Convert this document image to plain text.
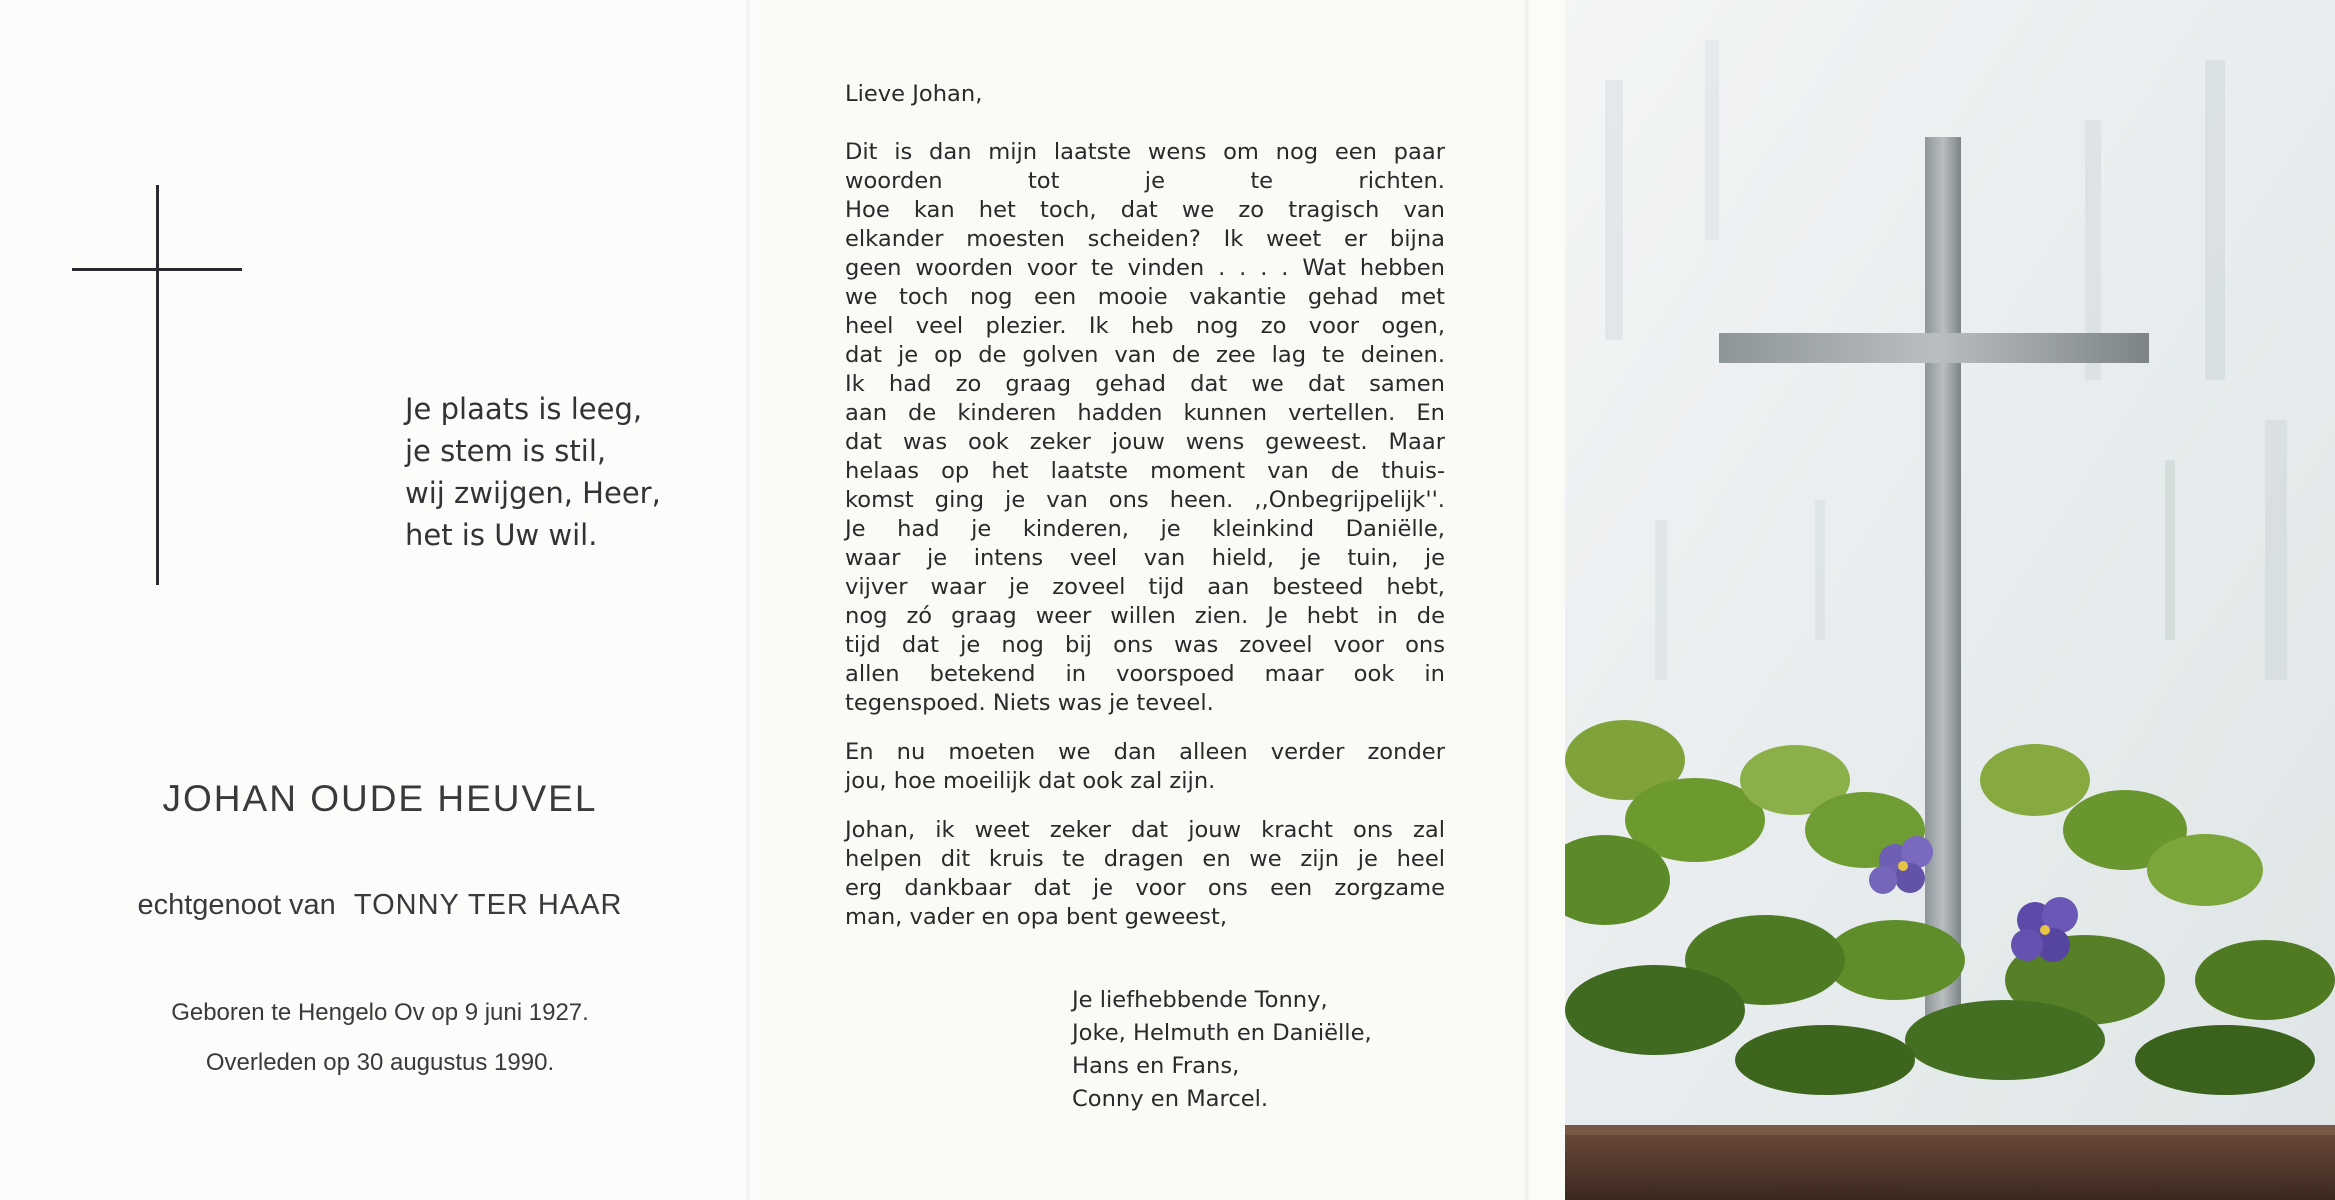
Je plaats is leeg,
je stem is stil,
wij zwijgen, Heer,
het is Uw wil.
JOHAN OUDE HEUVEL
echtgenoot van TONNY TER HAAR
Geboren te Hengelo Ov op 9 juni 1927.
Overleden op 30 augustus 1990.
Lieve Johan,
Dit is dan mijn laatste wens om nog een paar
woorden tot je te richten.
Hoe kan het toch, dat we zo tragisch van
elkander moesten scheiden? Ik weet er bijna
geen woorden voor te vinden . . . . Wat hebben
we toch nog een mooie vakantie gehad met
heel veel plezier. Ik heb nog zo voor ogen,
dat je op de golven van de zee lag te deinen.
Ik had zo graag gehad dat we dat samen
aan de kinderen hadden kunnen vertellen. En
dat was ook zeker jouw wens geweest. Maar
helaas op het laatste moment van de thuis-
komst ging je van ons heen. ,,Onbegrijpelijk''.
Je had je kinderen, je kleinkind Daniëlle,
waar je intens veel van hield, je tuin, je
vijver waar je zoveel tijd aan besteed hebt,
nog zó graag weer willen zien. Je hebt in de
tijd dat je nog bij ons was zoveel voor ons
allen betekend in voorspoed maar ook in
tegenspoed. Niets was je teveel.
En nu moeten we dan alleen verder zonder
jou, hoe moeilijk dat ook zal zijn.
Johan, ik weet zeker dat jouw kracht ons zal
helpen dit kruis te dragen en we zijn je heel
erg dankbaar dat je voor ons een zorgzame
man, vader en opa bent geweest,
Je liefhebbende Tonny,
Joke, Helmuth en Daniëlle,
Hans en Frans,
Conny en Marcel.
